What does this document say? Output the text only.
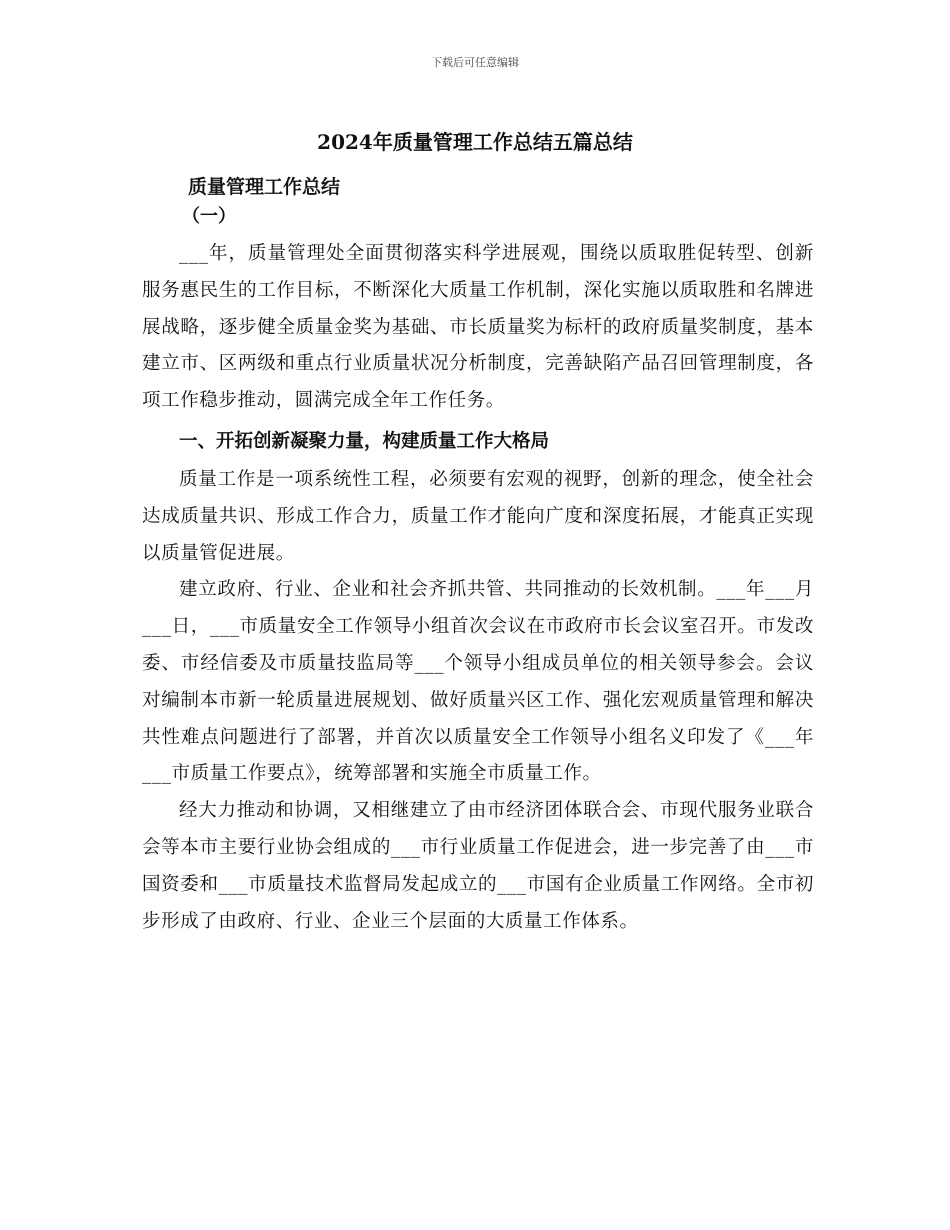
下载后可任意编辑
2024年质量管理工作总结五篇总结
质量管理工作总结
（一）

___年，质量管理处全面贯彻落实科学进展观，围绕以质取胜促转型、创新服务惠民生的工作目标，不断深化大质量工作机制，深化实施以质取胜和名牌进展战略，逐步健全质量金奖为基础、市长质量奖为标杆的政府质量奖制度，基本建立市、区两级和重点行业质量状况分析制度，完善缺陷产品召回管理制度，各项工作稳步推动，圆满完成全年工作任务。

一、开拓创新凝聚力量，构建质量工作大格局

质量工作是一项系统性工程，必须要有宏观的视野，创新的理念，使全社会达成质量共识、形成工作合力，质量工作才能向广度和深度拓展，才能真正实现以质量管促进展。

建立政府、行业、企业和社会齐抓共管、共同推动的长效机制。___年___月___日，___市质量安全工作领导小组首次会议在市政府市长会议室召开。市发改委、市经信委及市质量技监局等___个领导小组成员单位的相关领导参会。会议对编制本市新一轮质量进展规划、做好质量兴区工作、强化宏观质量管理和解决共性难点问题进行了部署，并首次以质量安全工作领导小组名义印发了《___年___市质量工作要点》，统筹部署和实施全市质量工作。

经大力推动和协调，又相继建立了由市经济团体联合会、市现代服务业联合会等本市主要行业协会组成的___市行业质量工作促进会，进一步完善了由___市国资委和___市质量技术监督局发起成立的___市国有企业质量工作网络。全市初步形成了由政府、行业、企业三个层面的大质量工作体系。
